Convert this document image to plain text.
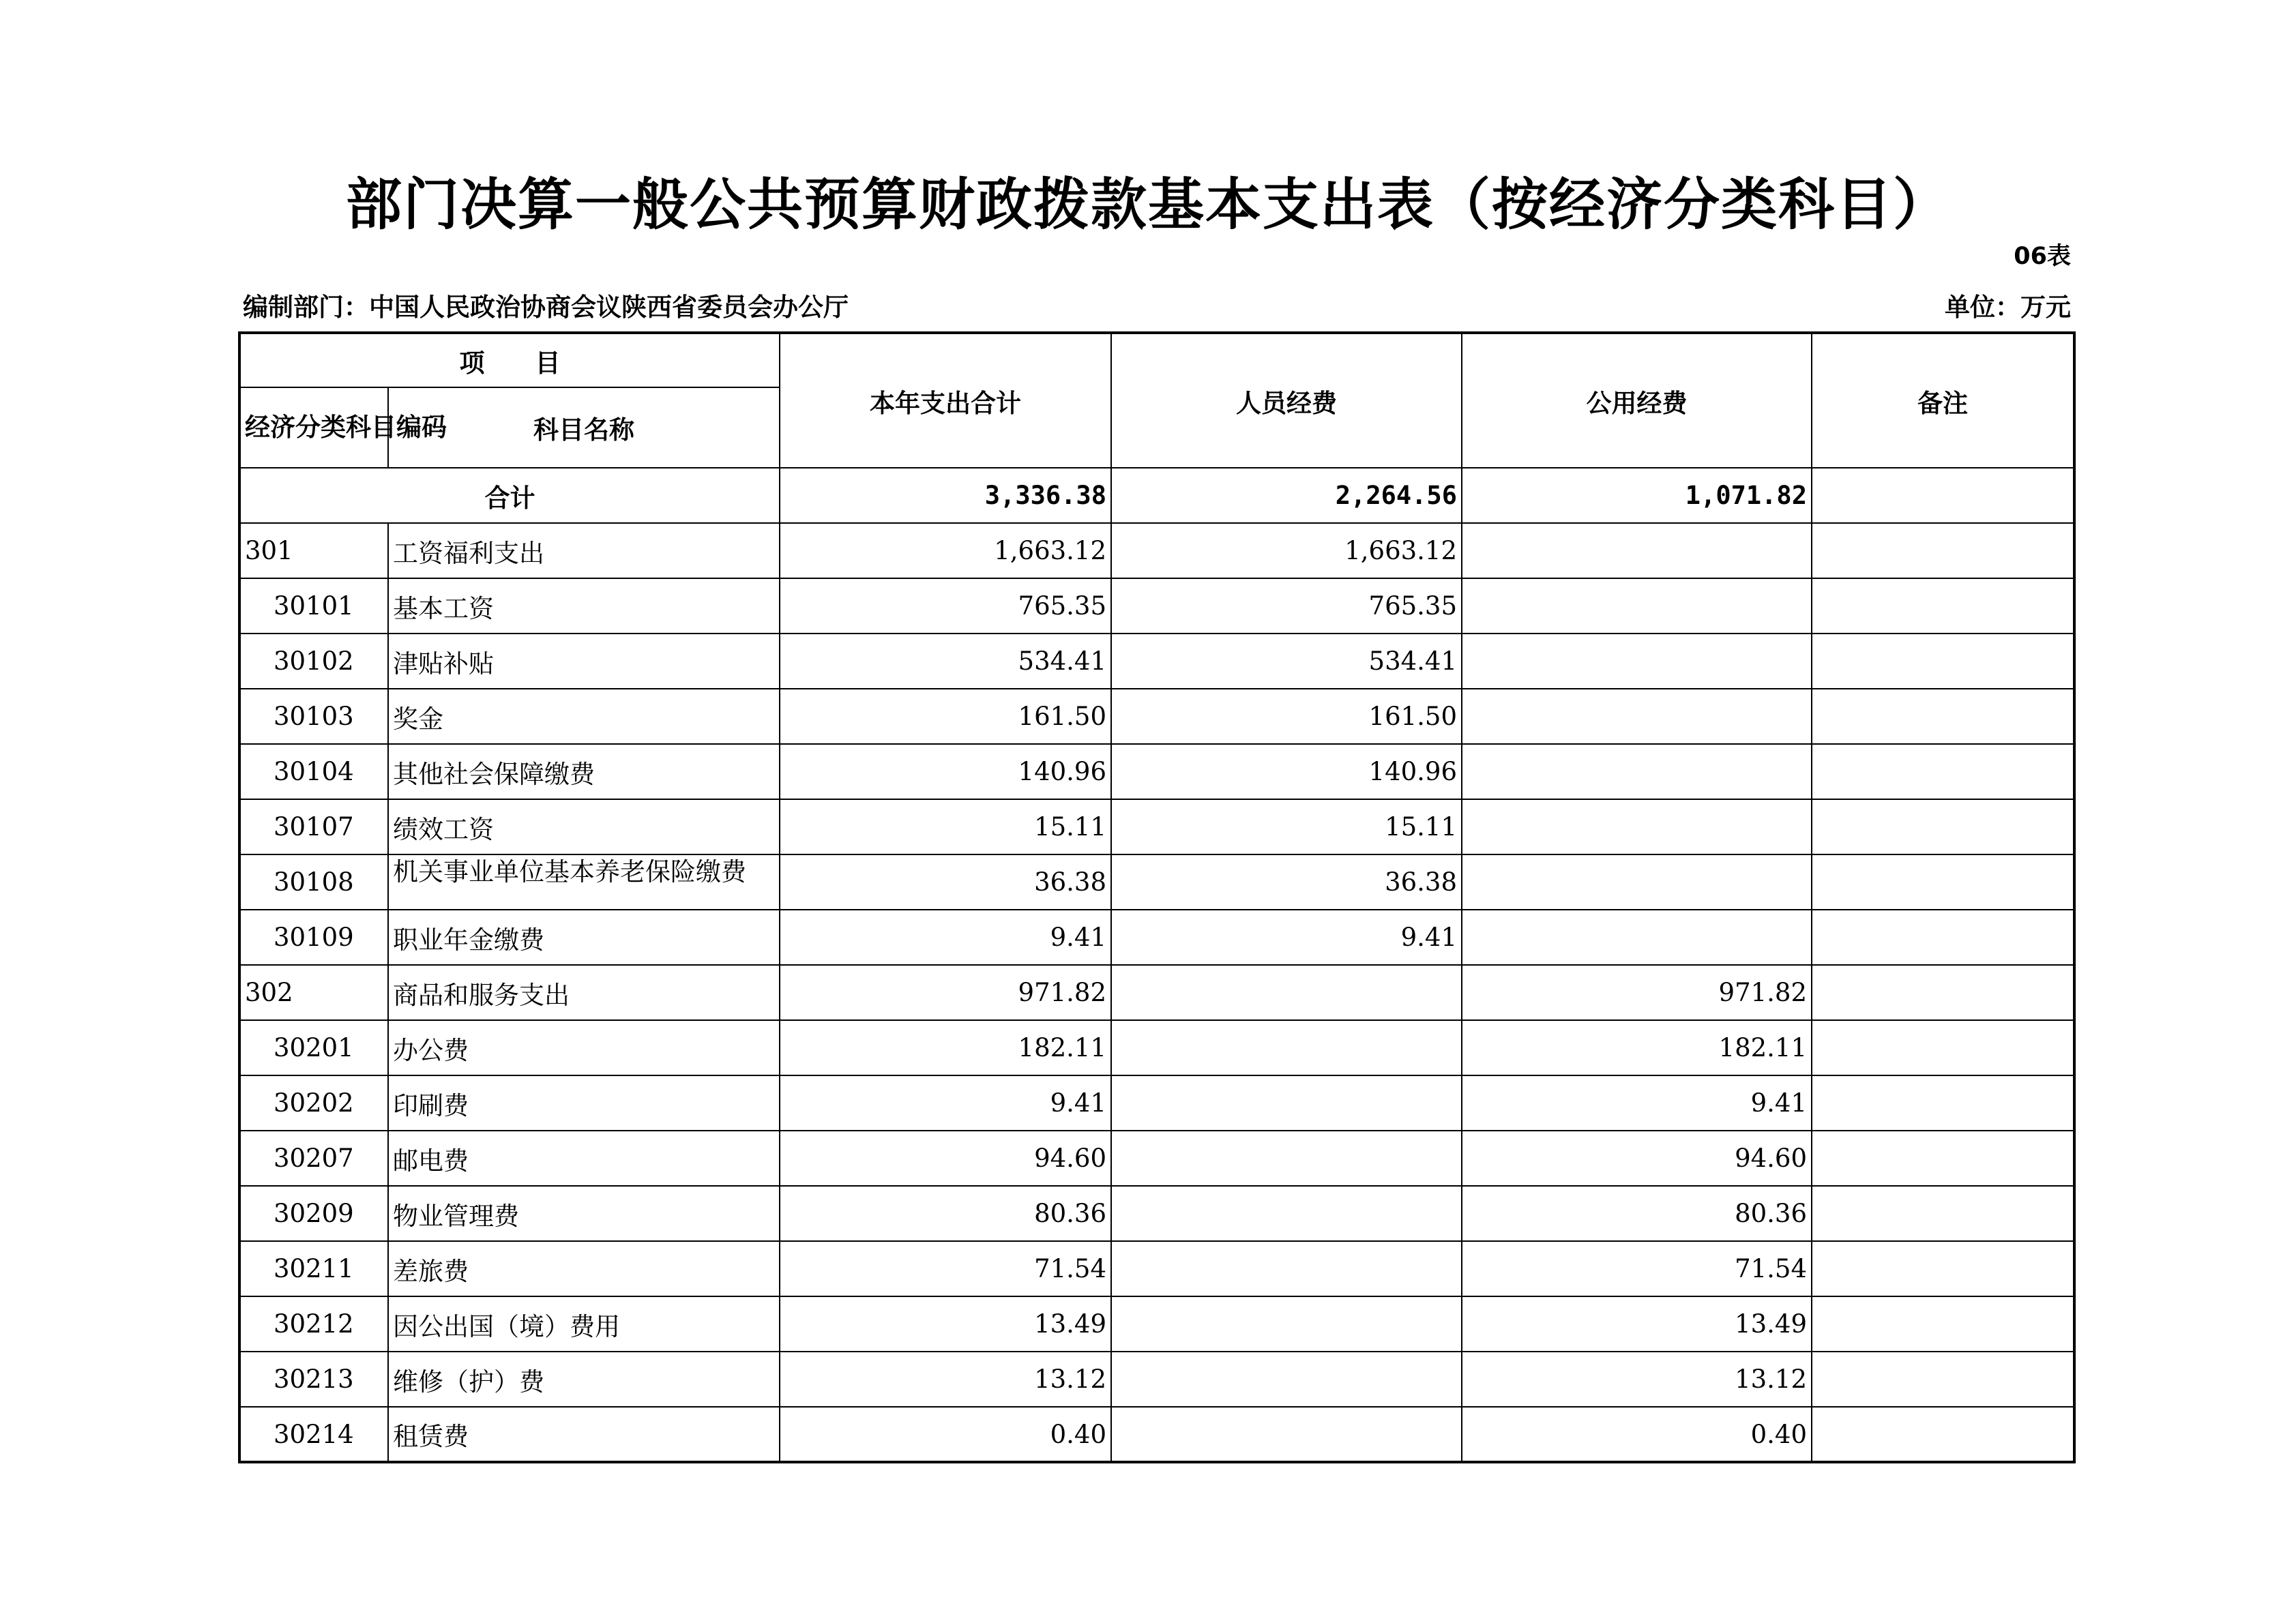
部门决算一般公共预算财政拨款基本支出表（按经济分类科目）
06表
编制部门：中国人民政治协商会议陕西省委员会办公厅	单位：万元
项　　目		本年支出合计	人员经费	公用经费	备注
经济分类科目编码	科目名称				
合计		3,336.38	2,264.56	1,071.82	
301	工资福利支出	1,663.12	1,663.12		
30101	基本工资	765.35	765.35		
30102	津贴补贴	534.41	534.41		
30103	奖金	161.50	161.50		
30104	其他社会保障缴费	140.96	140.96		
30107	绩效工资	15.11	15.11		
30108	机关事业单位基本养老保险缴费	36.38	36.38		
30109	职业年金缴费	9.41	9.41		
302	商品和服务支出	971.82		971.82	
30201	办公费	182.11		182.11	
30202	印刷费	9.41		9.41	
30207	邮电费	94.60		94.60	
30209	物业管理费	80.36		80.36	
30211	差旅费	71.54		71.54	
30212	因公出国（境）费用	13.49		13.49	
30213	维修（护）费	13.12		13.12	
30214	租赁费	0.40		0.40	
